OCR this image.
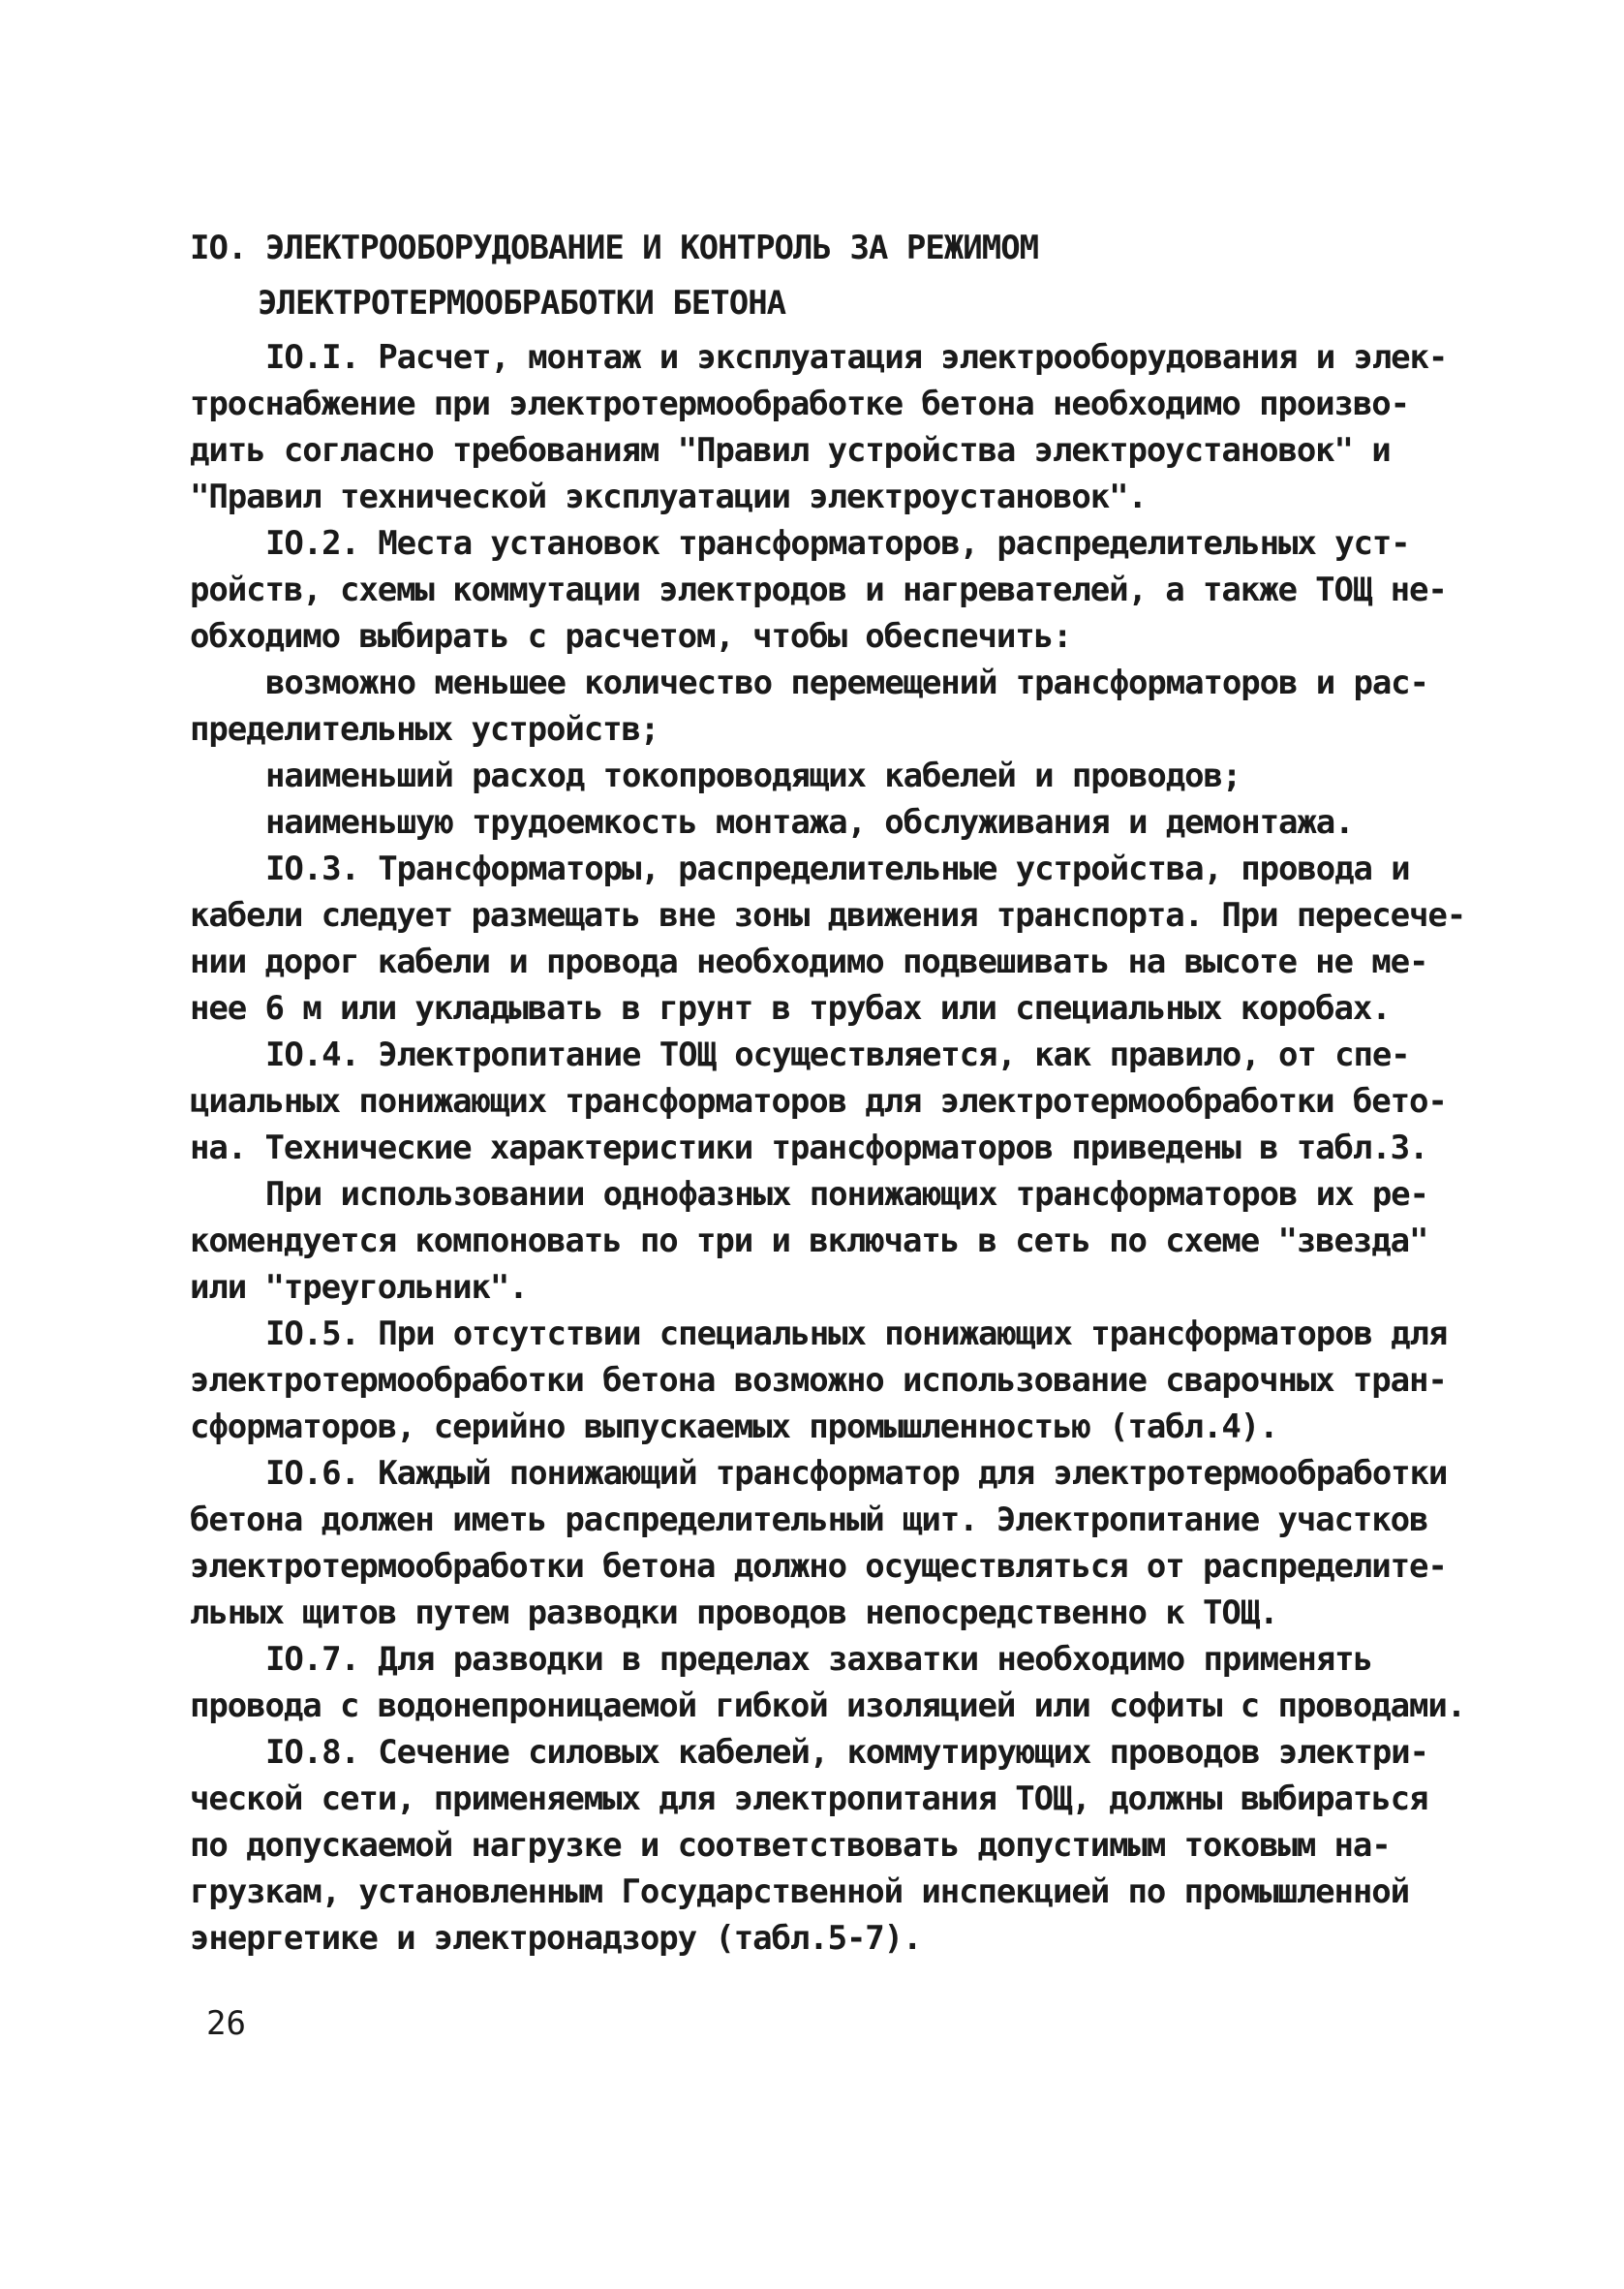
IO. ЭЛЕКТРООБОРУДОВАНИЕ И КОНТРОЛЬ ЗА РЕЖИМОМ
ЭЛЕКТРОТЕРМООБРАБОТКИ БЕТОНА
IO.I. Расчет, монтаж и эксплуатация электрооборудования и элек-
троснабжение при электротермообработке бетона необходимо произво-
дить согласно требованиям "Правил устройства электроустановок" и
"Правил технической эксплуатации электроустановок".
IO.2. Места установок трансформаторов, распределительных уст-
ройств, схемы коммутации электродов и нагревателей, а также ТОЩ не-
обходимо выбирать с расчетом, чтобы обеспечить:
возможно меньшее количество перемещений трансформаторов и рас-
пределительных устройств;
наименьший расход токопроводящих кабелей и проводов;
наименьшую трудоемкость монтажа, обслуживания и демонтажа.
IO.3. Трансформаторы, распределительные устройства, провода и
кабели следует размещать вне зоны движения транспорта. При пересече-
нии дорог кабели и провода необходимо подвешивать на высоте не ме-
нее 6 м или укладывать в грунт в трубах или специальных коробах.
IO.4. Электропитание ТОЩ осуществляется, как правило, от спе-
циальных понижающих трансформаторов для электротермообработки бето-
на. Технические характеристики трансформаторов приведены в табл.3.
При использовании однофазных понижающих трансформаторов их ре-
комендуется компоновать по три и включать в сеть по схеме "звезда"
или "треугольник".
IO.5. При отсутствии специальных понижающих трансформаторов для
электротермообработки бетона возможно использование сварочных тран-
сформаторов, серийно выпускаемых промышленностью (табл.4).
IO.6. Каждый понижающий трансформатор для электротермообработки
бетона должен иметь распределительный щит. Электропитание участков
электротермообработки бетона должно осуществляться от распределите-
льных щитов путем разводки проводов непосредственно к ТОЩ.
IO.7. Для разводки в пределах захватки необходимо применять
провода с водонепроницаемой гибкой изоляцией или софиты с проводами.
IO.8. Сечение силовых кабелей, коммутирующих проводов электри-
ческой сети, применяемых для электропитания ТОЩ, должны выбираться
по допускаемой нагрузке и соответствовать допустимым токовым на-
грузкам, установленным Государственной инспекцией по промышленной
энергетике и электронадзору (табл.5-7).
26
